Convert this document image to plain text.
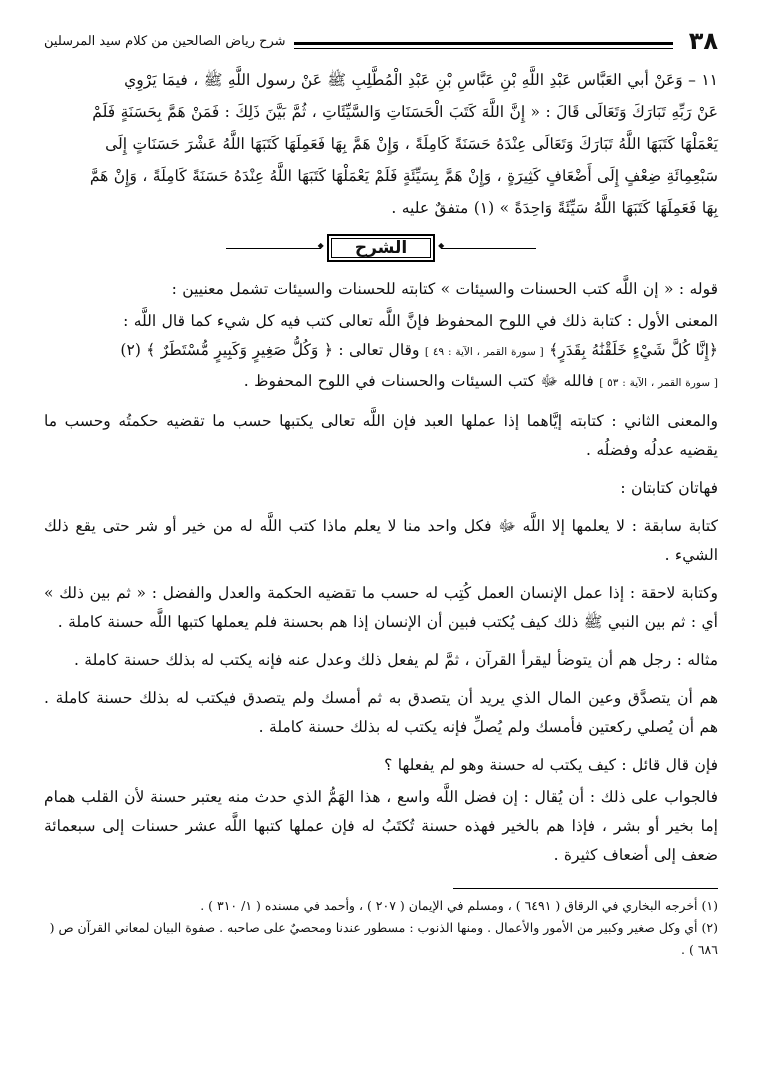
٣٨
شرح رياض الصالحين من كلام سيد المرسلين
١١ – وَعَنْ أبي العَبَّاس عَبْدِ اللَّهِ بْنِ عَبَّاسِ بْنِ عَبْدِ الْمُطَّلِبِ ﷺ عَنْ رسول اللَّهِ ﷺ ، فيمَا يَرْوِي
عَنْ رَبِّهِ تَبَارَكَ وَتَعَالَى قَالَ : « إِنَّ اللَّهَ كَتَبَ الْحَسَنَاتِ وَالسَّيِّئَاتِ ، ثُمَّ بَيَّنَ ذَلِكَ : فَمَنْ هَمَّ بِحَسَنَةٍ فَلَمْ
يَعْمَلْهَا كَتَبَهَا اللَّهُ تَبَارَكَ وَتَعَالَى عِنْدَهُ حَسَنَةً كَامِلَةً ، وَإِنْ هَمَّ بِهَا فَعَمِلَهَا كَتَبَهَا اللَّهُ عَشْرَ حَسَنَاتٍ إِلَى
سَبْعِمِائَةِ ضِعْفٍ إِلَى أَضْعَافٍ كَثِيرَةٍ ، وَإِنْ هَمَّ بِسَيِّئَةٍ فَلَمْ يَعْمَلْهَا كَتَبَهَا اللَّهُ عِنْدَهُ حَسَنَةً كَامِلَةً ، وَإِنْ هَمَّ
بِهَا فَعَمِلَهَا كَتَبَهَا اللَّهُ سَيِّئَةً وَاحِدَةً » (١) متفقٌ عليه .
◆
الشرح
◆

قوله : « إن اللَّه كتب الحسنات والسيئات » كتابته للحسنات والسيئات تشمل معنيين :

المعنى الأول : كتابة ذلك في اللوح المحفوظ فإنَّ اللَّه تعالى كتب فيه كل شيء كما قال اللَّه :

﴿إِنَّا كُلَّ شَيْءٍ خَلَقْنَٰهُ بِقَدَرٍ﴾ [ سورة القمر ، الآية : ٤٩ ] وقال تعالى : ﴿ وَكُلُّ صَغِيرٍ وَكَبِيرٍ مُّسْتَطَرٌ ﴾ (٢)

[ سورة القمر ، الآية : ٥٣ ] فالله ﷻ كتب السيئات والحسنات في اللوح المحفوظ .

والمعنى الثاني : كتابته إيَّاهما إذا عملها العبد فإن اللَّه تعالى يكتبها حسب ما تقضيه حكمتُه وحسب ما يقضيه عدلُه وفضلُه .

فهاتان كتابتان :

كتابة سابقة : لا يعلمها إلا اللَّه ﷻ فكل واحد منا لا يعلم ماذا كتب اللَّه له من خير أو شر حتى يقع ذلك الشيء .

وكتابة لاحقة : إذا عمل الإنسان العمل كُتِب له حسب ما تقضيه الحكمة والعدل والفضل : « ثم بين ذلك » أي : ثم بين النبي ﷺ ذلك كيف يُكتب فبين أن الإنسان إذا هم بحسنة فلم يعملها كتبها اللَّه حسنة كاملة .

مثاله : رجل هم أن يتوضأ ليقرأ القرآن ، ثمَّ لم يفعل ذلك وعدل عنه فإنه يكتب له بذلك حسنة كاملة .

هم أن يتصدَّق وعين المال الذي يريد أن يتصدق به ثم أمسك ولم يتصدق فيكتب له بذلك حسنة كاملة . هم أن يُصلي ركعتين فأمسك ولم يُصلِّ فإنه يكتب له بذلك حسنة كاملة .

فإن قال قائل : كيف يكتب له حسنة وهو لم يفعلها ؟

فالجواب على ذلك : أن يُقال : إن فضل اللَّه واسع ، هذا الهَمُّ الذي حدث منه يعتبر حسنة لأن القلب همام إما بخير أو بشر ، فإذا هم بالخير فهذه حسنة تُكتَبُ له فإن عملها كتبها اللَّه عشر حسنات إلى سبعمائة ضعف إلى أضعاف كثيرة .

(١) أخرجه البخاري في الرقاق ( ٦٤٩١ ) ، ومسلم في الإيمان ( ٢٠٧ ) ، وأحمد في مسنده ( ١/ ٣١٠ ) .

(٢) أي وكل صغير وكبير من الأمور والأعمال . ومنها الذنوب : مسطور عندنا ومحصيٌ على صاحبه . صفوة البيان لمعاني القرآن ص ( ٦٨٦ ) .
